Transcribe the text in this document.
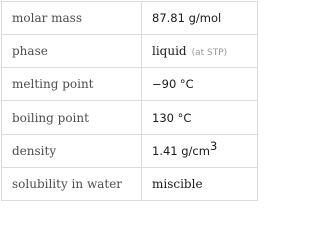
molar mass	87.81 g/mol
phase	liquid (at STP)
melting point	−90 °C
boiling point	130 °C
density	1.41 $g/cm^3$
solubility in water	miscible
